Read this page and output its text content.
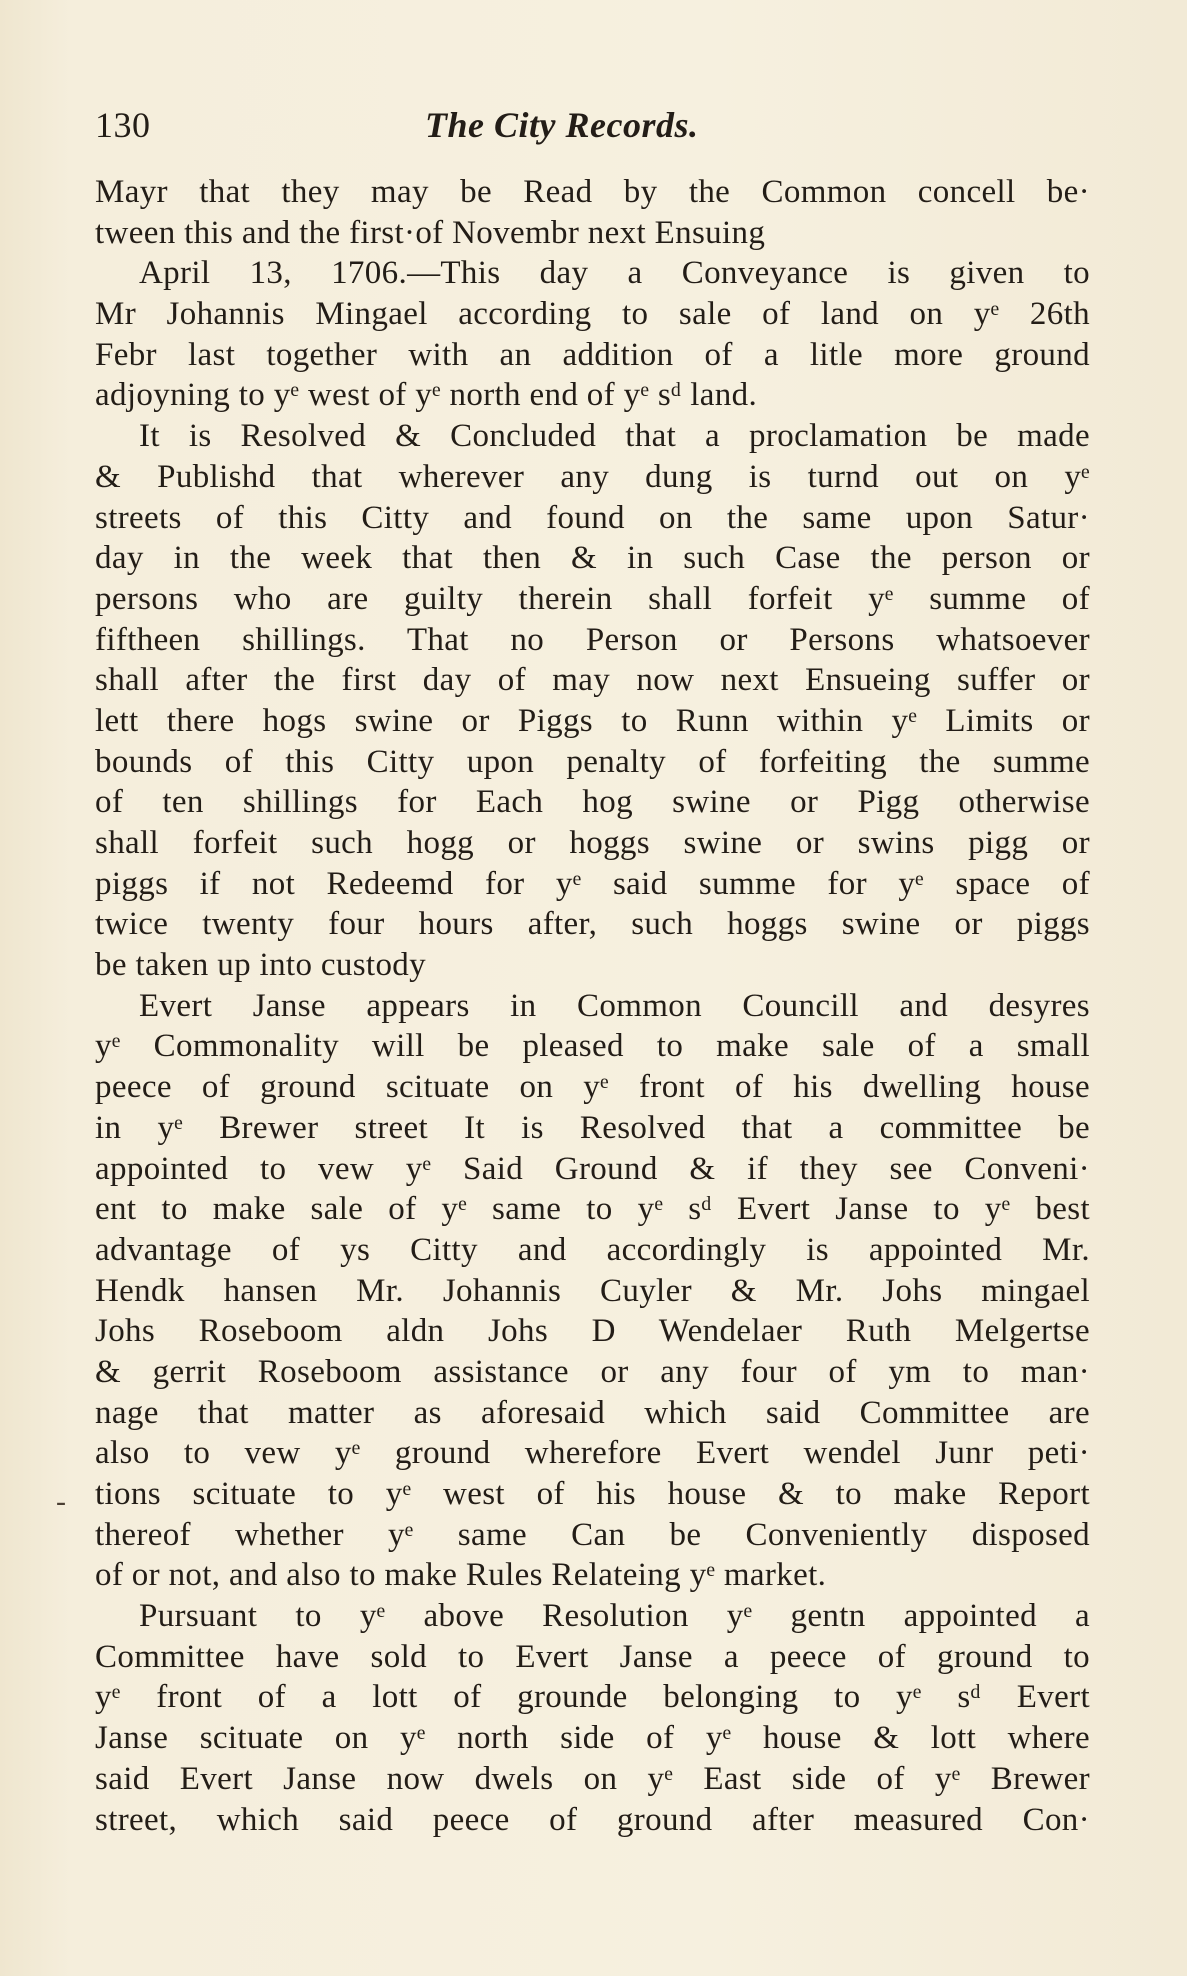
130	The City Records.
-
Mayr that they may be Read by the Common concell be·
tween this and the first·of Novembr next Ensuing
April 13, 1706.—This day a Conveyance is given to
Mr Johannis Mingael according to sale of land on yᵉ 26th
Febr last together with an addition of a litle more ground
adjoyning to yᵉ west of yᵉ north end of yᵉ sᵈ land.
It is Resolved & Concluded that a proclamation be made
& Publishd that wherever any dung is turnd out on yᵉ
streets of this Citty and found on the same upon Satur·
day in the week that then & in such Case the person or
persons who are guilty therein shall forfeit yᵉ summe of
fiftheen shillings. That no Person or Persons whatsoever
shall after the first day of may now next Ensueing suffer or
lett there hogs swine or Piggs to Runn within yᵉ Limits or
bounds of this Citty upon penalty of forfeiting the summe
of ten shillings for Each hog swine or Pigg otherwise
shall forfeit such hogg or hoggs swine or swins pigg or
piggs if not Redeemd for yᵉ said summe for yᵉ space of
twice twenty four hours after, such hoggs swine or piggs
be taken up into custody
Evert Janse appears in Common Councill and desyres
yᵉ Commonality will be pleased to make sale of a small
peece of ground scituate on yᵉ front of his dwelling house
in yᵉ Brewer street It is Resolved that a committee be
appointed to vew yᵉ Said Ground & if they see Conveni·
ent to make sale of yᵉ same to yᵉ sᵈ Evert Janse to yᵉ best
advantage of ys Citty and accordingly is appointed Mr.
Hendk hansen Mr. Johannis Cuyler & Mr. Johs mingael
Johs Roseboom aldn Johs D Wendelaer Ruth Melgertse
& gerrit Roseboom assistance or any four of ym to man·
nage that matter as aforesaid which said Committee are
also to vew yᵉ ground wherefore Evert wendel Junr peti·
tions scituate to yᵉ west of his house & to make Report
thereof whether yᵉ same Can be Conveniently disposed
of or not, and also to make Rules Relateing yᵉ market.
Pursuant to yᵉ above Resolution yᵉ gentn appointed a
Committee have sold to Evert Janse a peece of ground to
yᵉ front of a lott of grounde belonging to yᵉ sᵈ Evert
Janse scituate on yᵉ north side of yᵉ house & lott where
said Evert Janse now dwels on yᵉ East side of yᵉ Brewer
street, which said peece of ground after measured Con·
